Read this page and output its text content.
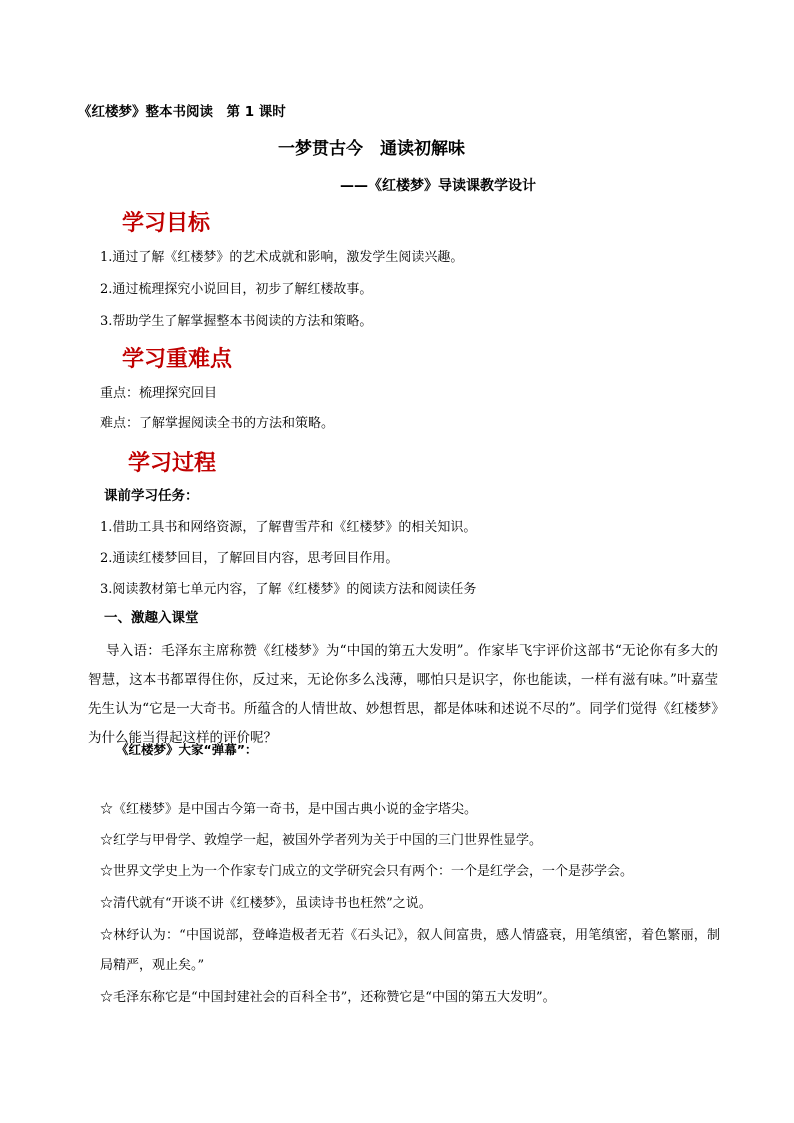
《红楼梦》整本书阅读　第 1 课时
一梦贯古今　通读初解味
——《红楼梦》导读课教学设计
学习目标
1.通过了解《红楼梦》的艺术成就和影响，激发学生阅读兴趣。
2.通过梳理探究小说回目，初步了解红楼故事。
3.帮助学生了解掌握整本书阅读的方法和策略。
学习重难点
重点：梳理探究回目
难点：了解掌握阅读全书的方法和策略。
学习过程
课前学习任务：
1.借助工具书和网络资源，了解曹雪芹和《红楼梦》的相关知识。
2.通读红楼梦回目，了解回目内容，思考回目作用。
3.阅读教材第七单元内容，了解《红楼梦》的阅读方法和阅读任务
一、激趣入课堂
导入语：毛泽东主席称赞《红楼梦》为“中国的第五大发明”。作家毕飞宇评价这部书“无论你有多大的智慧，这本书都罩得住你，反过来，无论你多么浅薄，哪怕只是识字，你也能读，一样有滋有味。”叶嘉莹先生认为“它是一大奇书。所蕴含的人情世故、妙想哲思，都是体味和述说不尽的”。同学们觉得《红楼梦》为什么能当得起这样的评价呢？
《红楼梦》大家“弹幕”：
☆《红楼梦》是中国古今第一奇书，是中国古典小说的金字塔尖。
☆红学与甲骨学、敦煌学一起，被国外学者列为关于中国的三门世界性显学。
☆世界文学史上为一个作家专门成立的文学研究会只有两个：一个是红学会，一个是莎学会。
☆清代就有“开谈不讲《红楼梦》，虽读诗书也枉然”之说。
☆林纾认为：“中国说部，登峰造极者无若《石头记》，叙人间富贵，感人情盛衰，用笔缜密，着色繁丽，制局精严，观止矣。”
☆毛泽东称它是“中国封建社会的百科全书”，还称赞它是“中国的第五大发明”。
